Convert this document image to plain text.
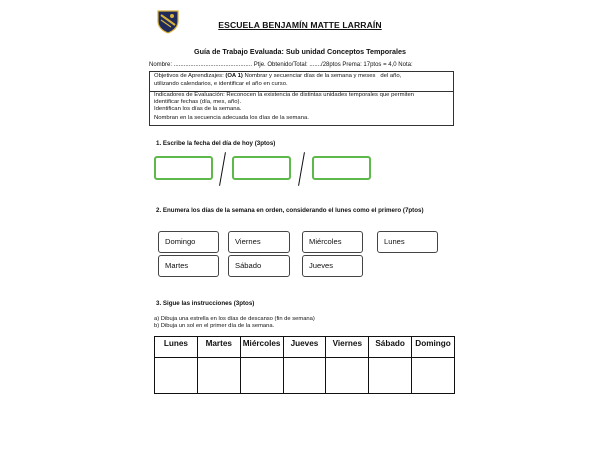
ESCUELA BENJAMÍN MATTE LARRAÍN
Guía de Trabajo Evaluada: Sub unidad Conceptos Temporales
Nombre: ............................................... Ptje. Obtenido/Total: ......./28ptos Prema: 17ptos = 4,0 Nota:
Objetivos de Aprendizajes: (OA 1) Nombrar y secuenciar días de la semana y meses   del año,
utilizando calendarios, e identificar el año en curso.
Indicadores de Evaluación: Reconocen la existencia de distintas unidades temporales que permiten
identificar fechas (día, mes, año).
Identifican los días de la semana.
Nombran en la secuencia adecuada los días de la semana.
1. Escribe la fecha del día de hoy (3ptos)
2. Enumera los días de la semana en orden, considerando el lunes como el primero (7ptos)
Domingo	Viernes	Miércoles	Lunes
Martes	Sábado	Jueves
3. Sigue las instrucciones (3ptos)
a) Dibuja una estrella en los días de descanso (fin de semana)
b) Dibuja un sol en el primer día de la semana.
Lunes	Martes	Miércoles	Jueves	Viernes	Sábado	Domingo
